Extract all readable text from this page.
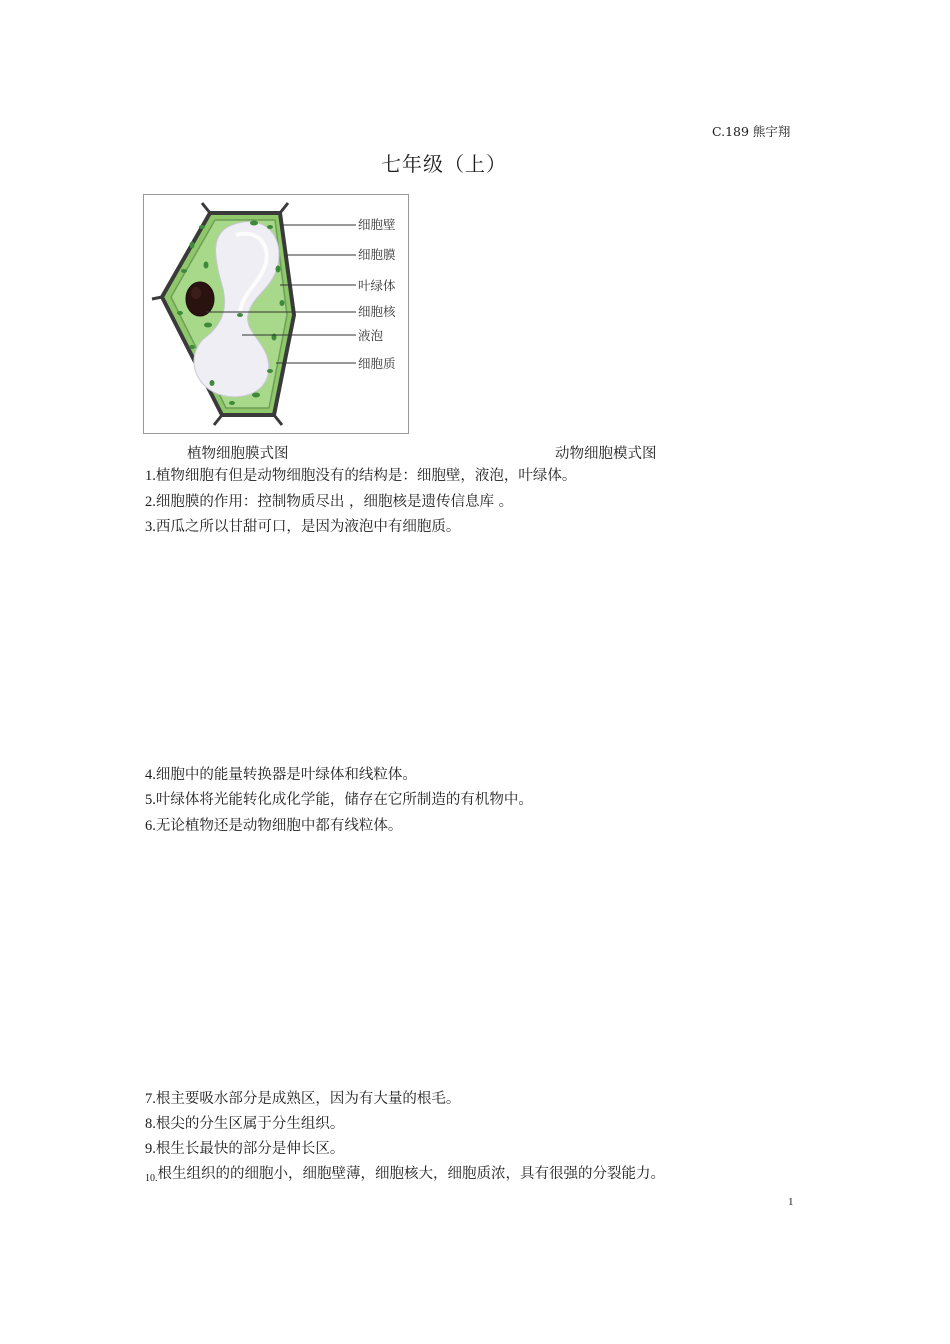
C.189 熊宇翔
七年级（上）
细胞壁
细胞膜
叶绿体
细胞核
液泡
细胞质
植物细胞膜式图	动物细胞模式图
1.植物细胞有但是动物细胞没有的结构是：细胞壁，液泡，叶绿体。
2.细胞膜的作用：控制物质尽出 ，细胞核是遗传信息库 。
3.西瓜之所以甘甜可口，是因为液泡中有细胞质。
4.细胞中的能量转换器是叶绿体和线粒体。
5.叶绿体将光能转化成化学能，储存在它所制造的有机物中。
6.无论植物还是动物细胞中都有线粒体。
7.根主要吸水部分是成熟区，因为有大量的根毛。
8.根尖的分生区属于分生组织。
9.根生长最快的部分是伸长区。
$_{10.}$根生组织的的细胞小，细胞壁薄，细胞核大，细胞质浓，具有很强的分裂能力。
1
